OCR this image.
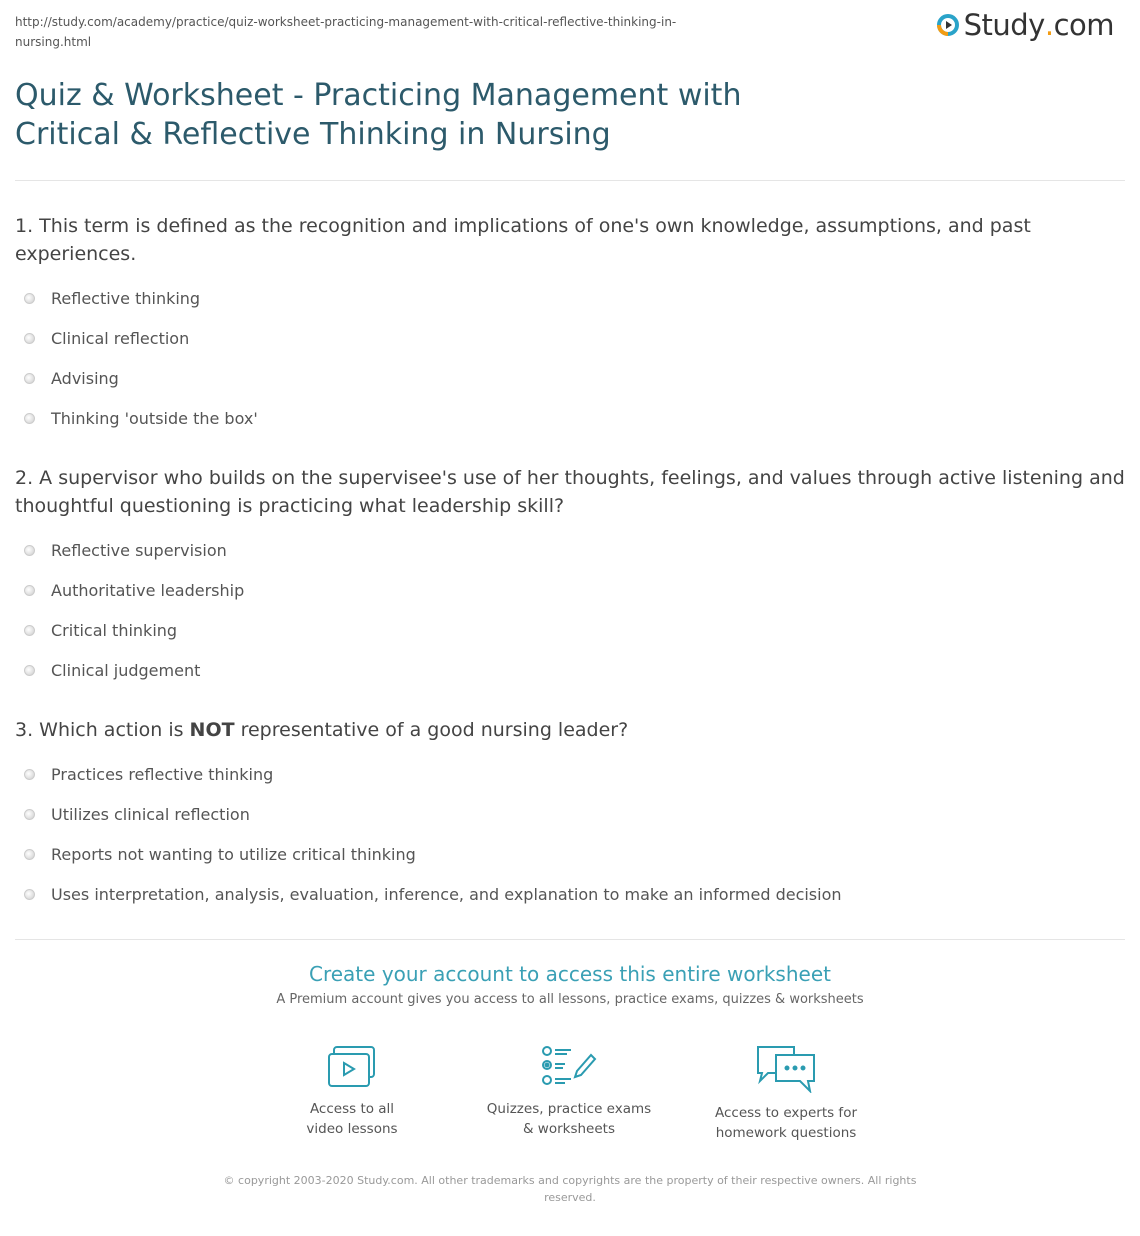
http://study.com/academy/practice/quiz-worksheet-practicing-management-with-critical-reflective-thinking-in-nursing.html	Study . com
Quiz & Worksheet - Practicing Management with Critical & Reflective Thinking in Nursing

1. This term is defined as the recognition and implications of one's own knowledge, assumptions, and past experiences.

Reflective thinking
Clinical reflection
Advising
Thinking 'outside the box'

2. A supervisor who builds on the supervisee's use of her thoughts, feelings, and values through active listening and thoughtful questioning is practicing what leadership skill?

Reflective supervision
Authoritative leadership
Critical thinking
Clinical judgement

3. Which action is NOT representative of a good nursing leader?

Practices reflective thinking
Utilizes clinical reflection
Reports not wanting to utilize critical thinking
Uses interpretation, analysis, evaluation, inference, and explanation to make an informed decision
Create your account to access this entire worksheet
A Premium account gives you access to all lessons, practice exams, quizzes & worksheets
Access to all
video lessons
Quizzes, practice exams
& worksheets
Access to experts for
homework questions
© copyright 2003-2020 Study.com. All other trademarks and copyrights are the property of their respective owners. All rights reserved.
